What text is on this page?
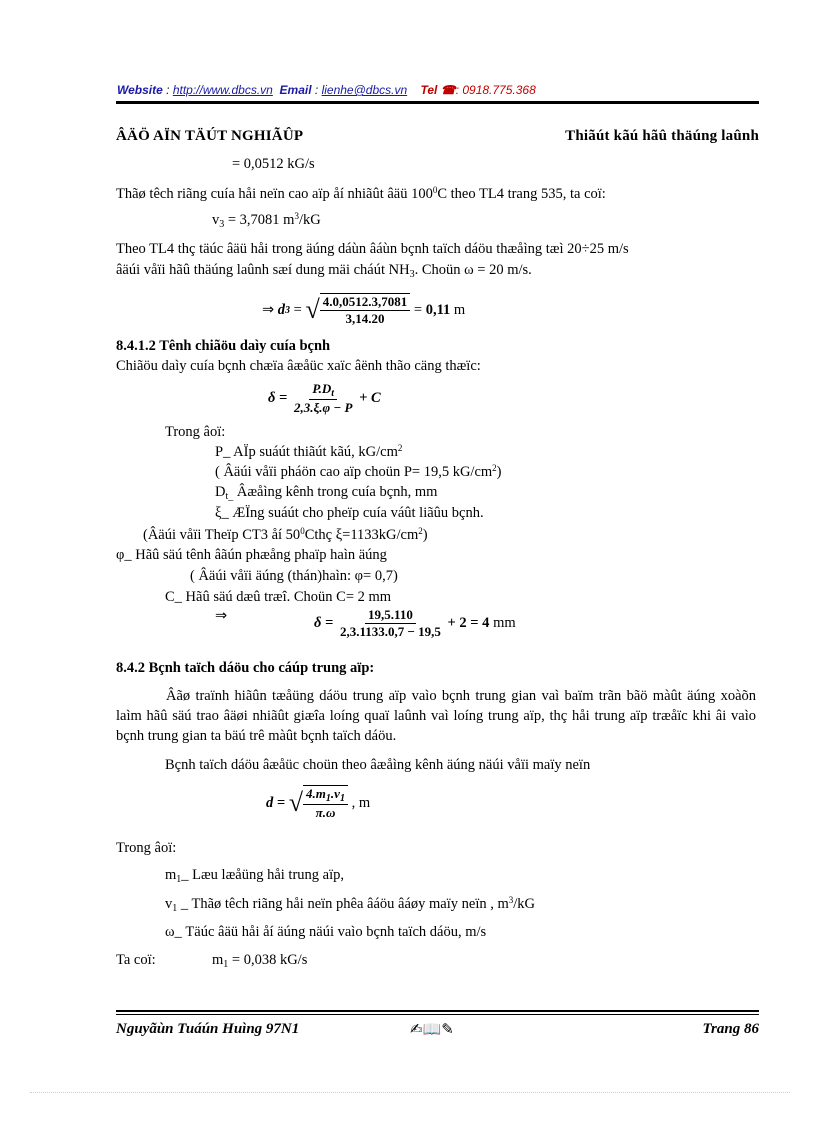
Website : http://www.dbcs.vn Email : lienhe@dbcs.vn Tel ☎: 0918.775.368
ÂÄÖ AÏN TÄÚT NGHIÃÛP	Thiãút kãú hãû thäúng laûnh
= 0,0512 kG/s
Thãø têch riãng cuía håi neïn cao aïp åí nhiãût âäü $100^0C$ theo TL4 trang 535, ta coï:
$v_3 = 3,7081$ $m^3/kG$
Theo TL4 thç täúc âäü håi trong äúng dáùn âáùn bçnh taïch dáöu thæåìng tæì 20÷25 m/s
âäúi våïi hãû thäúng laûnh sæí dung mäi cháút $NH_3$. Choün ω = 20 m/s.
⇒
d 3
=
√ $\frac{4.0,0512.3,7081}{3,14.20}$
=
0,11
m
8.4.1.2 Tênh chiãöu daìy cuía bçnh
Chiãöu daìy cuía bçnh chæïa âæåüc xaïc âënh thão cäng thæïc:
δ =
$\frac{P.D_t}{2,3.\xi.\varphi - P}$
+ C
Trong âoï:
P_ AÏp suáút thiãút kãú, $kG/cm^2$
( Âäúi våïi pháön cao aïp choün P= 19,5 $kG/cm^2$)
$D_{t\_}$ Âæåìng kênh trong cuía bçnh, mm
ξ_ ÆÏng suáút cho pheïp cuía váût liãûu bçnh.
(Âäúi våïi Theïp CT3 åí $50^0Cthç$ $\xi=1133kG/cm^2$)
φ_ Hãû säú tênh âãún phæång phaïp haìn äúng
( Âäúi våïi äúng (thán)haìn: φ= 0,7)
C_ Hãû säú dæû træî. Choün C= 2 mm
⇒	δ =
$\frac{19,5.110}{2,3.1133.0,7 - 19,5}$
+ 2 = 4
mm
8.4.2 Bçnh taïch dáöu cho cáúp trung aïp:
Âãø traïnh hiãûn tæåüng dáöu trung aïp vaìo bçnh trung gian vaì baïm trãn bãö màût äúng xoàõn laìm hãû säú trao âäøi nhiãût giæîa loíng quaï laûnh vaì loíng trung aïp, thç håi trung aïp træåïc khi âi vaìo bçnh trung gian ta bäú trê màût bçnh taïch dáöu.
Bçnh taïch dáöu âæåüc choün theo âæåìng kênh äúng näúi våïi maïy neïn
d =
√ $\frac{4.m_1.v_1}{\pi.\omega}$
, m
Trong âoï:
$m_1\_$ Læu læåüng håi trung aïp,
$v_1$ _ Thãø têch riãng håi neïn phêa âáöu âáøy maïy neïn , $m^3/kG$
ω_ Täúc âäü håi åí äúng näúi vaìo bçnh taïch dáöu, m/s
Ta coï:	$m_1 = 0,038$ kG/s
Nguyãùn Tuáún Huìng 97N1	✍📖✎	Trang 86
